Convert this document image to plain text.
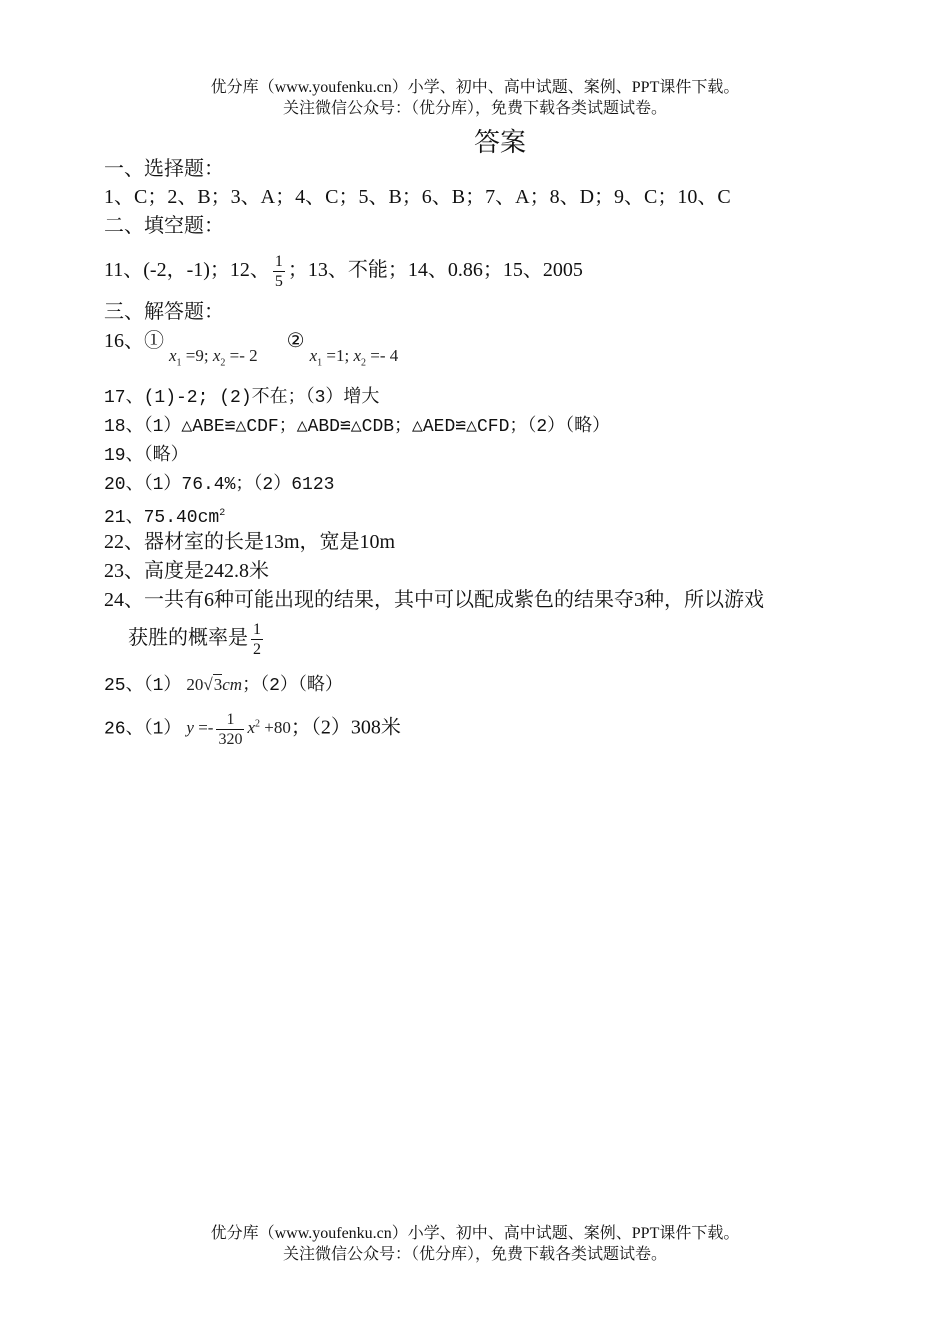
优分库（www.youfenku.cn）小学、初中、高中试题、案例、PPT课件下载。
关注微信公众号：（优分库），免费下载各类试题试卷。
答案
一、选择题：
1、C；2、B；3、A；4、C；5、B；6、B；7、A；8、D；9、C；10、C
二、填空题：
11、(-2，-1)；12、 $\frac{1}{5}$ ；13、不能；14、0.86；15、2005
三、解答题：
16、① $_{x_1 =9; x_2 =- 2}$ ② $_{x_1 =1; x_2 =- 4}$
17、(1)-2; (2)不在；（3）增大
18、（1）△ABE≌△CDF；△ABD≌△CDB；△AED≌△CFD；（2）（略）
19、（略）
20、（1）76.4%；（2）6123
21、$75.40cm^2$
22、器材室的长是13m，宽是10m
23、高度是242.8米
24、一共有6种可能出现的结果，其中可以配成紫色的结果夺3种，所以游戏
获胜的概率是 $\frac{1}{2}$
25、（1） 20√3cm；（2）（略）
26、（1） $y =- \frac{1}{320} x^2 +80$；（2）308米
优分库（www.youfenku.cn）小学、初中、高中试题、案例、PPT课件下载。
关注微信公众号：（优分库），免费下载各类试题试卷。
